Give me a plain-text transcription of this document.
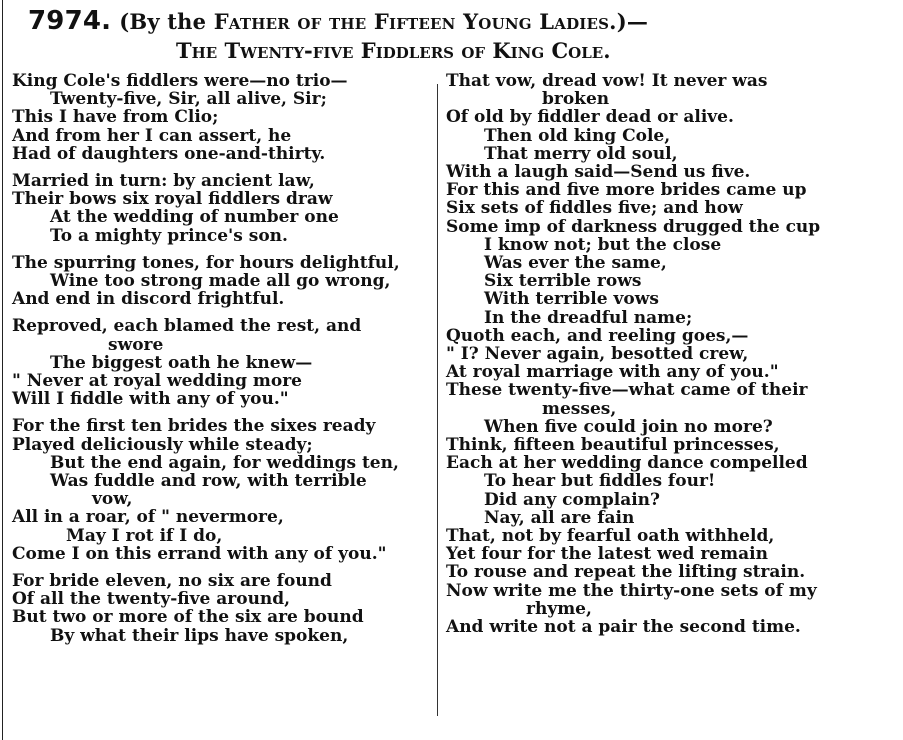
7974. (By the Father of the Fifteen Young Ladies.)—
The Twenty-five Fiddlers of King Cole.
King Cole's fiddlers were—no trio—
Twenty-five, Sir, all alive, Sir;
This I have from Clio;
And from her I can assert, he
Had of daughters one-and-thirty.
Married in turn: by ancient law,
Their bows six royal fiddlers draw
At the wedding of number one
To a mighty prince's son.
The spurring tones, for hours delightful,
Wine too strong made all go wrong,
And end in discord frightful.
Reproved, each blamed the rest, and
swore
The biggest oath he knew—
" Never at royal wedding more
Will I fiddle with any of you."
For the first ten brides the sixes ready
Played deliciously while steady;
But the end again, for weddings ten,
Was fuddle and row, with terrible
vow,
All in a roar, of " nevermore,
May I rot if I do,
Come I on this errand with any of you."
For bride eleven, no six are found
Of all the twenty-five around,
But two or more of the six are bound
By what their lips have spoken,
That vow, dread vow! It never was
broken
Of old by fiddler dead or alive.
Then old king Cole,
That merry old soul,
With a laugh said—Send us five.
For this and five more brides came up
Six sets of fiddles five; and how
Some imp of darkness drugged the cup
I know not; but the close
Was ever the same,
Six terrible rows
With terrible vows
In the dreadful name;
Quoth each, and reeling goes,—
" I? Never again, besotted crew,
At royal marriage with any of you."
These twenty-five—what came of their
messes,
When five could join no more?
Think, fifteen beautiful princesses,
Each at her wedding dance compelled
To hear but fiddles four!
Did any complain?
Nay, all are fain
That, not by fearful oath withheld,
Yet four for the latest wed remain
To rouse and repeat the lifting strain.
Now write me the thirty-one sets of my
rhyme,
And write not a pair the second time.
